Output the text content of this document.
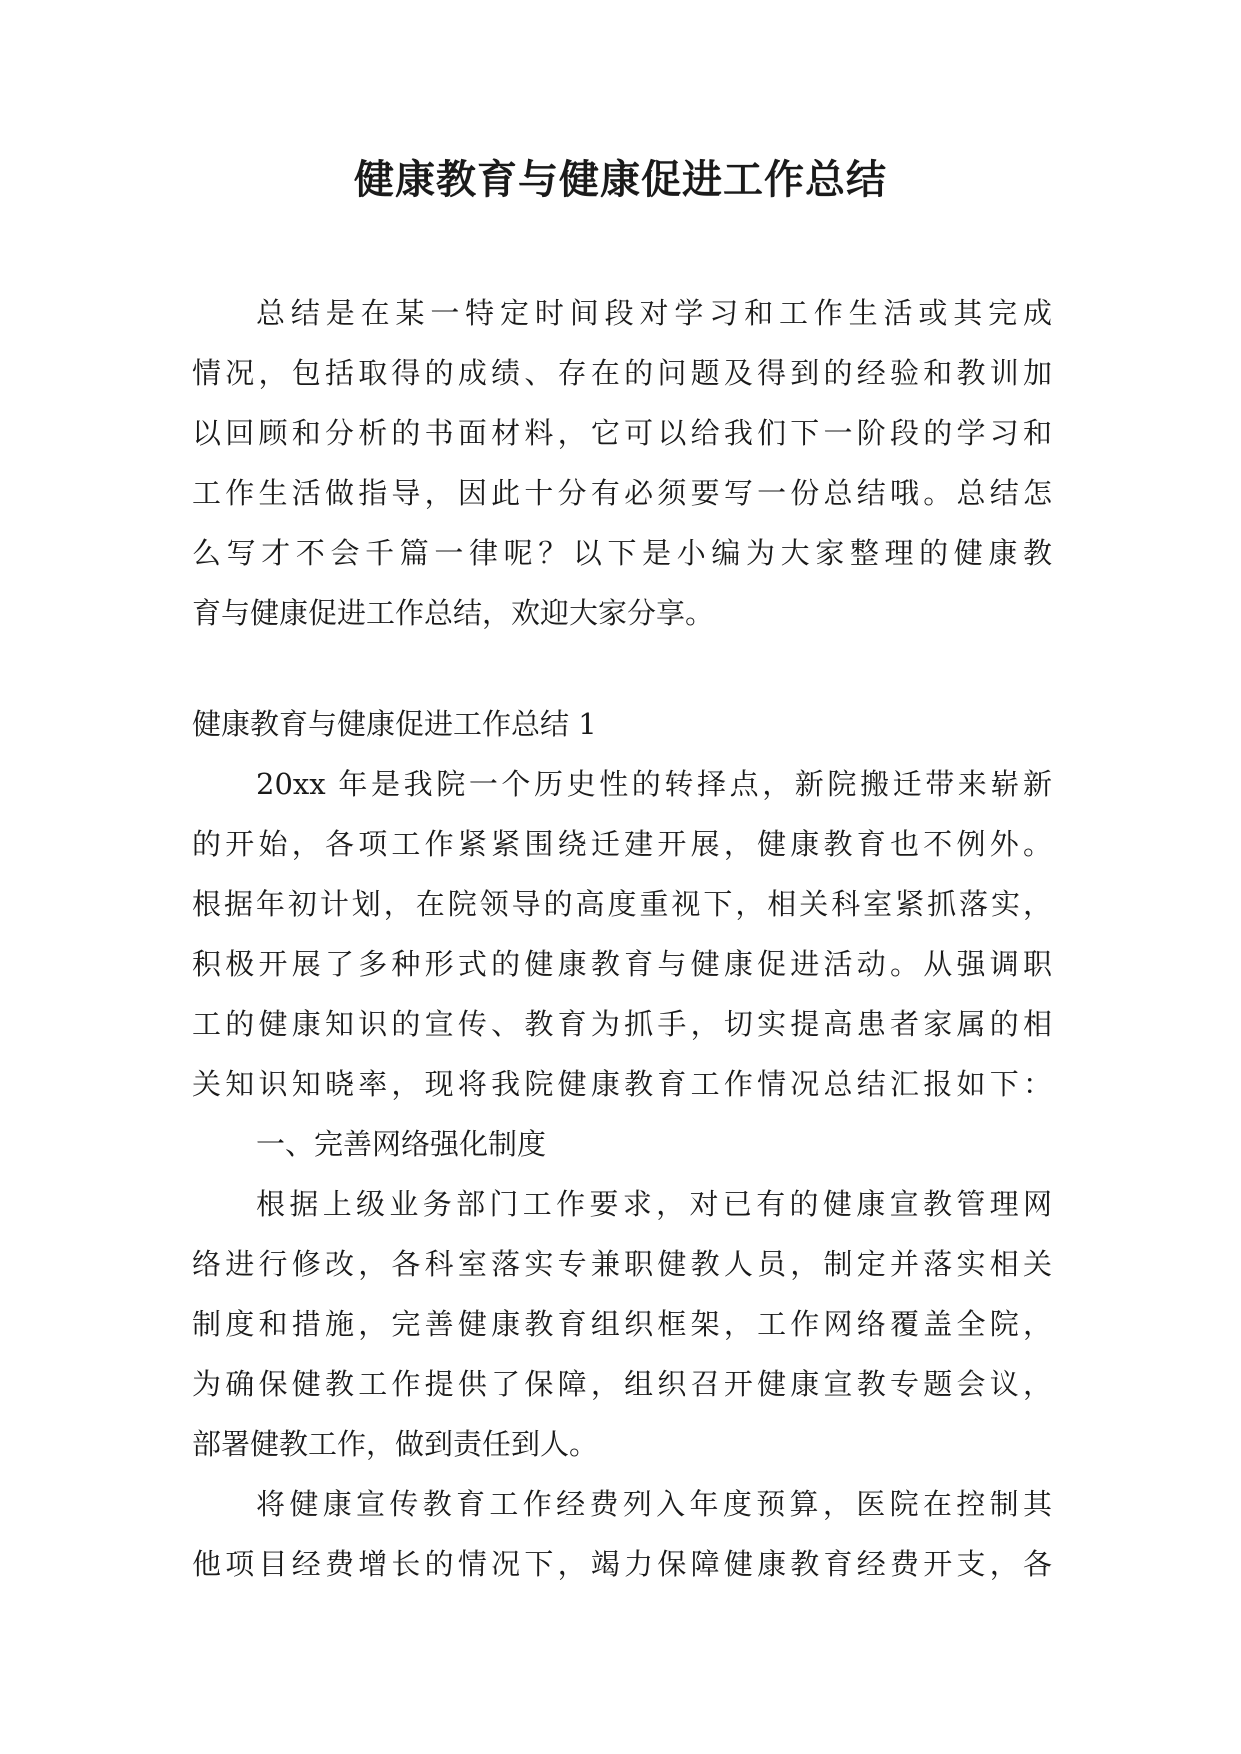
健康教育与健康促进工作总结
总结是在某一特定时间段对学习和工作生活或其完成
情况，包括取得的成绩、存在的问题及得到的经验和教训加
以回顾和分析的书面材料，它可以给我们下一阶段的学习和
工作生活做指导，因此十分有必须要写一份总结哦。总结怎
么写才不会千篇一律呢？以下是小编为大家整理的健康教
育与健康促进工作总结，欢迎大家分享。
健康教育与健康促进工作总结 1
20xx 年是我院一个历史性的转择点，新院搬迁带来崭新
的开始，各项工作紧紧围绕迁建开展，健康教育也不例外。
根据年初计划，在院领导的高度重视下，相关科室紧抓落实，
积极开展了多种形式的健康教育与健康促进活动。从强调职
工的健康知识的宣传、教育为抓手，切实提高患者家属的相
关知识知晓率，现将我院健康教育工作情况总结汇报如下：
一、完善网络强化制度
根据上级业务部门工作要求，对已有的健康宣教管理网
络进行修改，各科室落实专兼职健教人员，制定并落实相关
制度和措施，完善健康教育组织框架，工作网络覆盖全院，
为确保健教工作提供了保障，组织召开健康宣教专题会议，
部署健教工作，做到责任到人。
将健康宣传教育工作经费列入年度预算，医院在控制其
他项目经费增长的情况下，竭力保障健康教育经费开支，各
